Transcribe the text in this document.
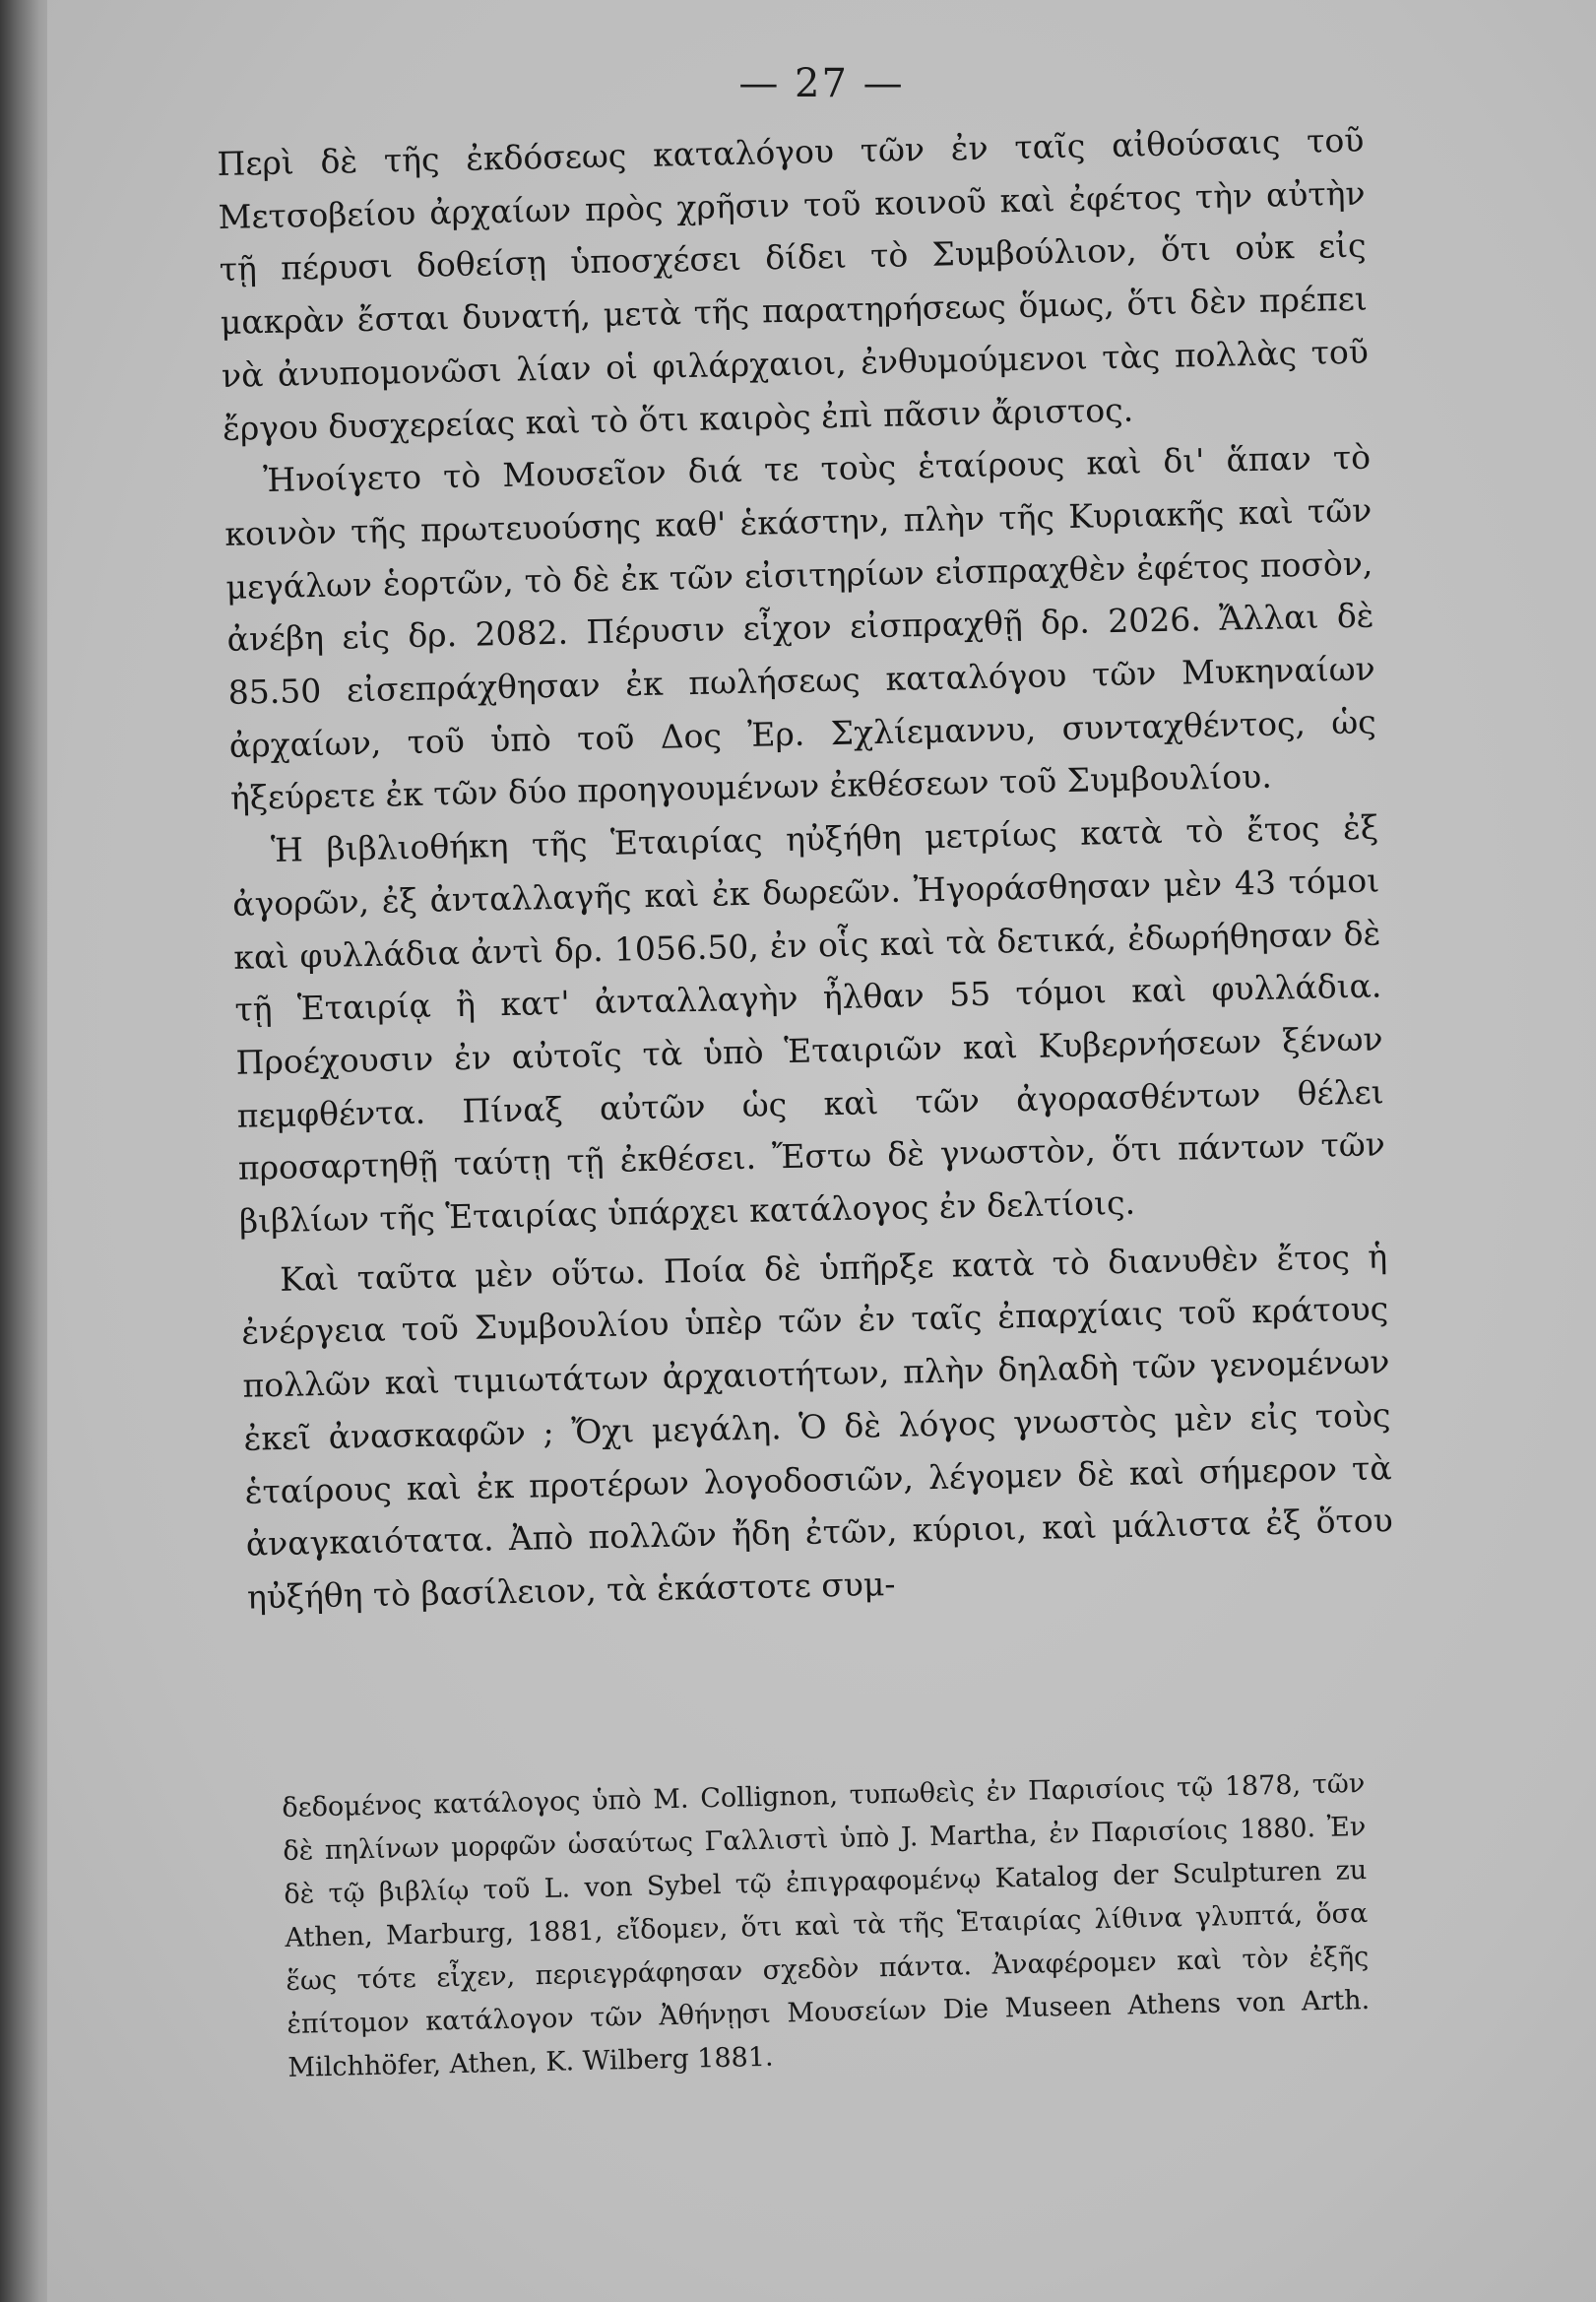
— 27 —

Περὶ δὲ τῆς ἐκδόσεως καταλόγου τῶν ἐν ταῖς αἰθούσαις τοῦ Μετσοβείου ἀρχαίων πρὸς χρῆσιν τοῦ κοινοῦ καὶ ἐφέτος τὴν αὐτὴν τῇ πέρυσι δοθείσῃ ὑποσχέσει δίδει τὸ Συμβούλιον, ὅτι οὐκ εἰς μακρὰν ἔσται δυνατή, μετὰ τῆς παρατηρήσεως ὅμως, ὅτι δὲν πρέπει νὰ ἀνυπομονῶσι λίαν οἱ φιλάρχαιοι, ἐνθυμούμενοι τὰς πολλὰς τοῦ ἔργου δυσχερείας καὶ τὸ ὅτι καιρὸς ἐπὶ πᾶσιν ἄριστος.

Ἠνοίγετο τὸ Μουσεῖον διά τε τοὺς ἑταίρους καὶ δι' ἅπαν τὸ κοινὸν τῆς πρωτευούσης καθ' ἑκάστην, πλὴν τῆς Κυριακῆς καὶ τῶν μεγάλων ἑορτῶν, τὸ δὲ ἐκ τῶν εἰσιτηρίων εἰσπραχθὲν ἐφέτος ποσὸν, ἀνέβη εἰς δρ. 2082. Πέρυσιν εἶχον εἰσπραχθῇ δρ. 2026. Ἄλλαι δὲ 85.50 εἰσεπράχθησαν ἐκ πωλήσεως καταλόγου τῶν Μυκηναίων ἀρχαίων, τοῦ ὑπὸ τοῦ Δος Ἐρ. Σχλίεμαννυ, συνταχθέντος, ὡς ἠξεύρετε ἐκ τῶν δύο προηγουμένων ἐκθέσεων τοῦ Συμβουλίου.

Ἡ βιβλιοθήκη τῆς Ἑταιρίας ηὐξήθη μετρίως κατὰ τὸ ἔτος ἐξ ἀγορῶν, ἐξ ἀνταλλαγῆς καὶ ἐκ δωρεῶν. Ἠγοράσθησαν μὲν 43 τόμοι καὶ φυλλάδια ἀντὶ δρ. 1056.50, ἐν οἷς καὶ τὰ δετικά, ἐδωρήθησαν δὲ τῇ Ἑταιρίᾳ ἢ κατ' ἀνταλλαγὴν ἦλθαν 55 τόμοι καὶ φυλλάδια. Προέχουσιν ἐν αὐτοῖς τὰ ὑπὸ Ἑταιριῶν καὶ Κυβερνήσεων ξένων πεμφθέντα. Πίναξ αὐτῶν ὡς καὶ τῶν ἀγορασθέντων θέλει προσαρτηθῇ ταύτῃ τῇ ἐκθέσει. Ἔστω δὲ γνωστὸν, ὅτι πάντων τῶν βιβλίων τῆς Ἑταιρίας ὑπάρχει κατάλογος ἐν δελτίοις.

Καὶ ταῦτα μὲν οὕτω. Ποία δὲ ὑπῆρξε κατὰ τὸ διανυθὲν ἔτος ἡ ἐνέργεια τοῦ Συμβουλίου ὑπὲρ τῶν ἐν ταῖς ἐπαρχίαις τοῦ κράτους πολλῶν καὶ τιμιωτάτων ἀρχαιοτήτων, πλὴν δηλαδὴ τῶν γενομένων ἐκεῖ ἀνασκαφῶν ; Ὄχι μεγάλη. Ὁ δὲ λόγος γνωστὸς μὲν εἰς τοὺς ἑταίρους καὶ ἐκ προτέρων λογοδοσιῶν, λέγομεν δὲ καὶ σήμερον τὰ ἀναγκαιότατα. Ἀπὸ πολλῶν ἤδη ἐτῶν, κύριοι, καὶ μάλιστα ἐξ ὅτου ηὐξήθη τὸ βασίλειον, τὰ ἑκάστοτε συμ-

δεδομένος κατάλογος ὑπὸ M. Collignon, τυπωθεὶς ἐν Παρισίοις τῷ 1878, τῶν δὲ πηλίνων μορφῶν ὡσαύτως Γαλλιστὶ ὑπὸ J. Martha, ἐν Παρισίοις 1880. Ἐν δὲ τῷ βιβλίῳ τοῦ L. von Sybel τῷ ἐπιγραφομένῳ Katalog der Sculpturen zu Athen, Marburg, 1881, εἴδομεν, ὅτι καὶ τὰ τῆς Ἑταιρίας λίθινα γλυπτά, ὅσα ἕως τότε εἶχεν, περιεγράφησαν σχεδὸν πάντα. Ἀναφέρομεν καὶ τὸν ἐξῆς ἐπίτομον κατάλογον τῶν Ἀθήνῃσι Μουσείων Die Museen Athens von Arth. Milchhöfer, Athen, K. Wilberg 1881.
